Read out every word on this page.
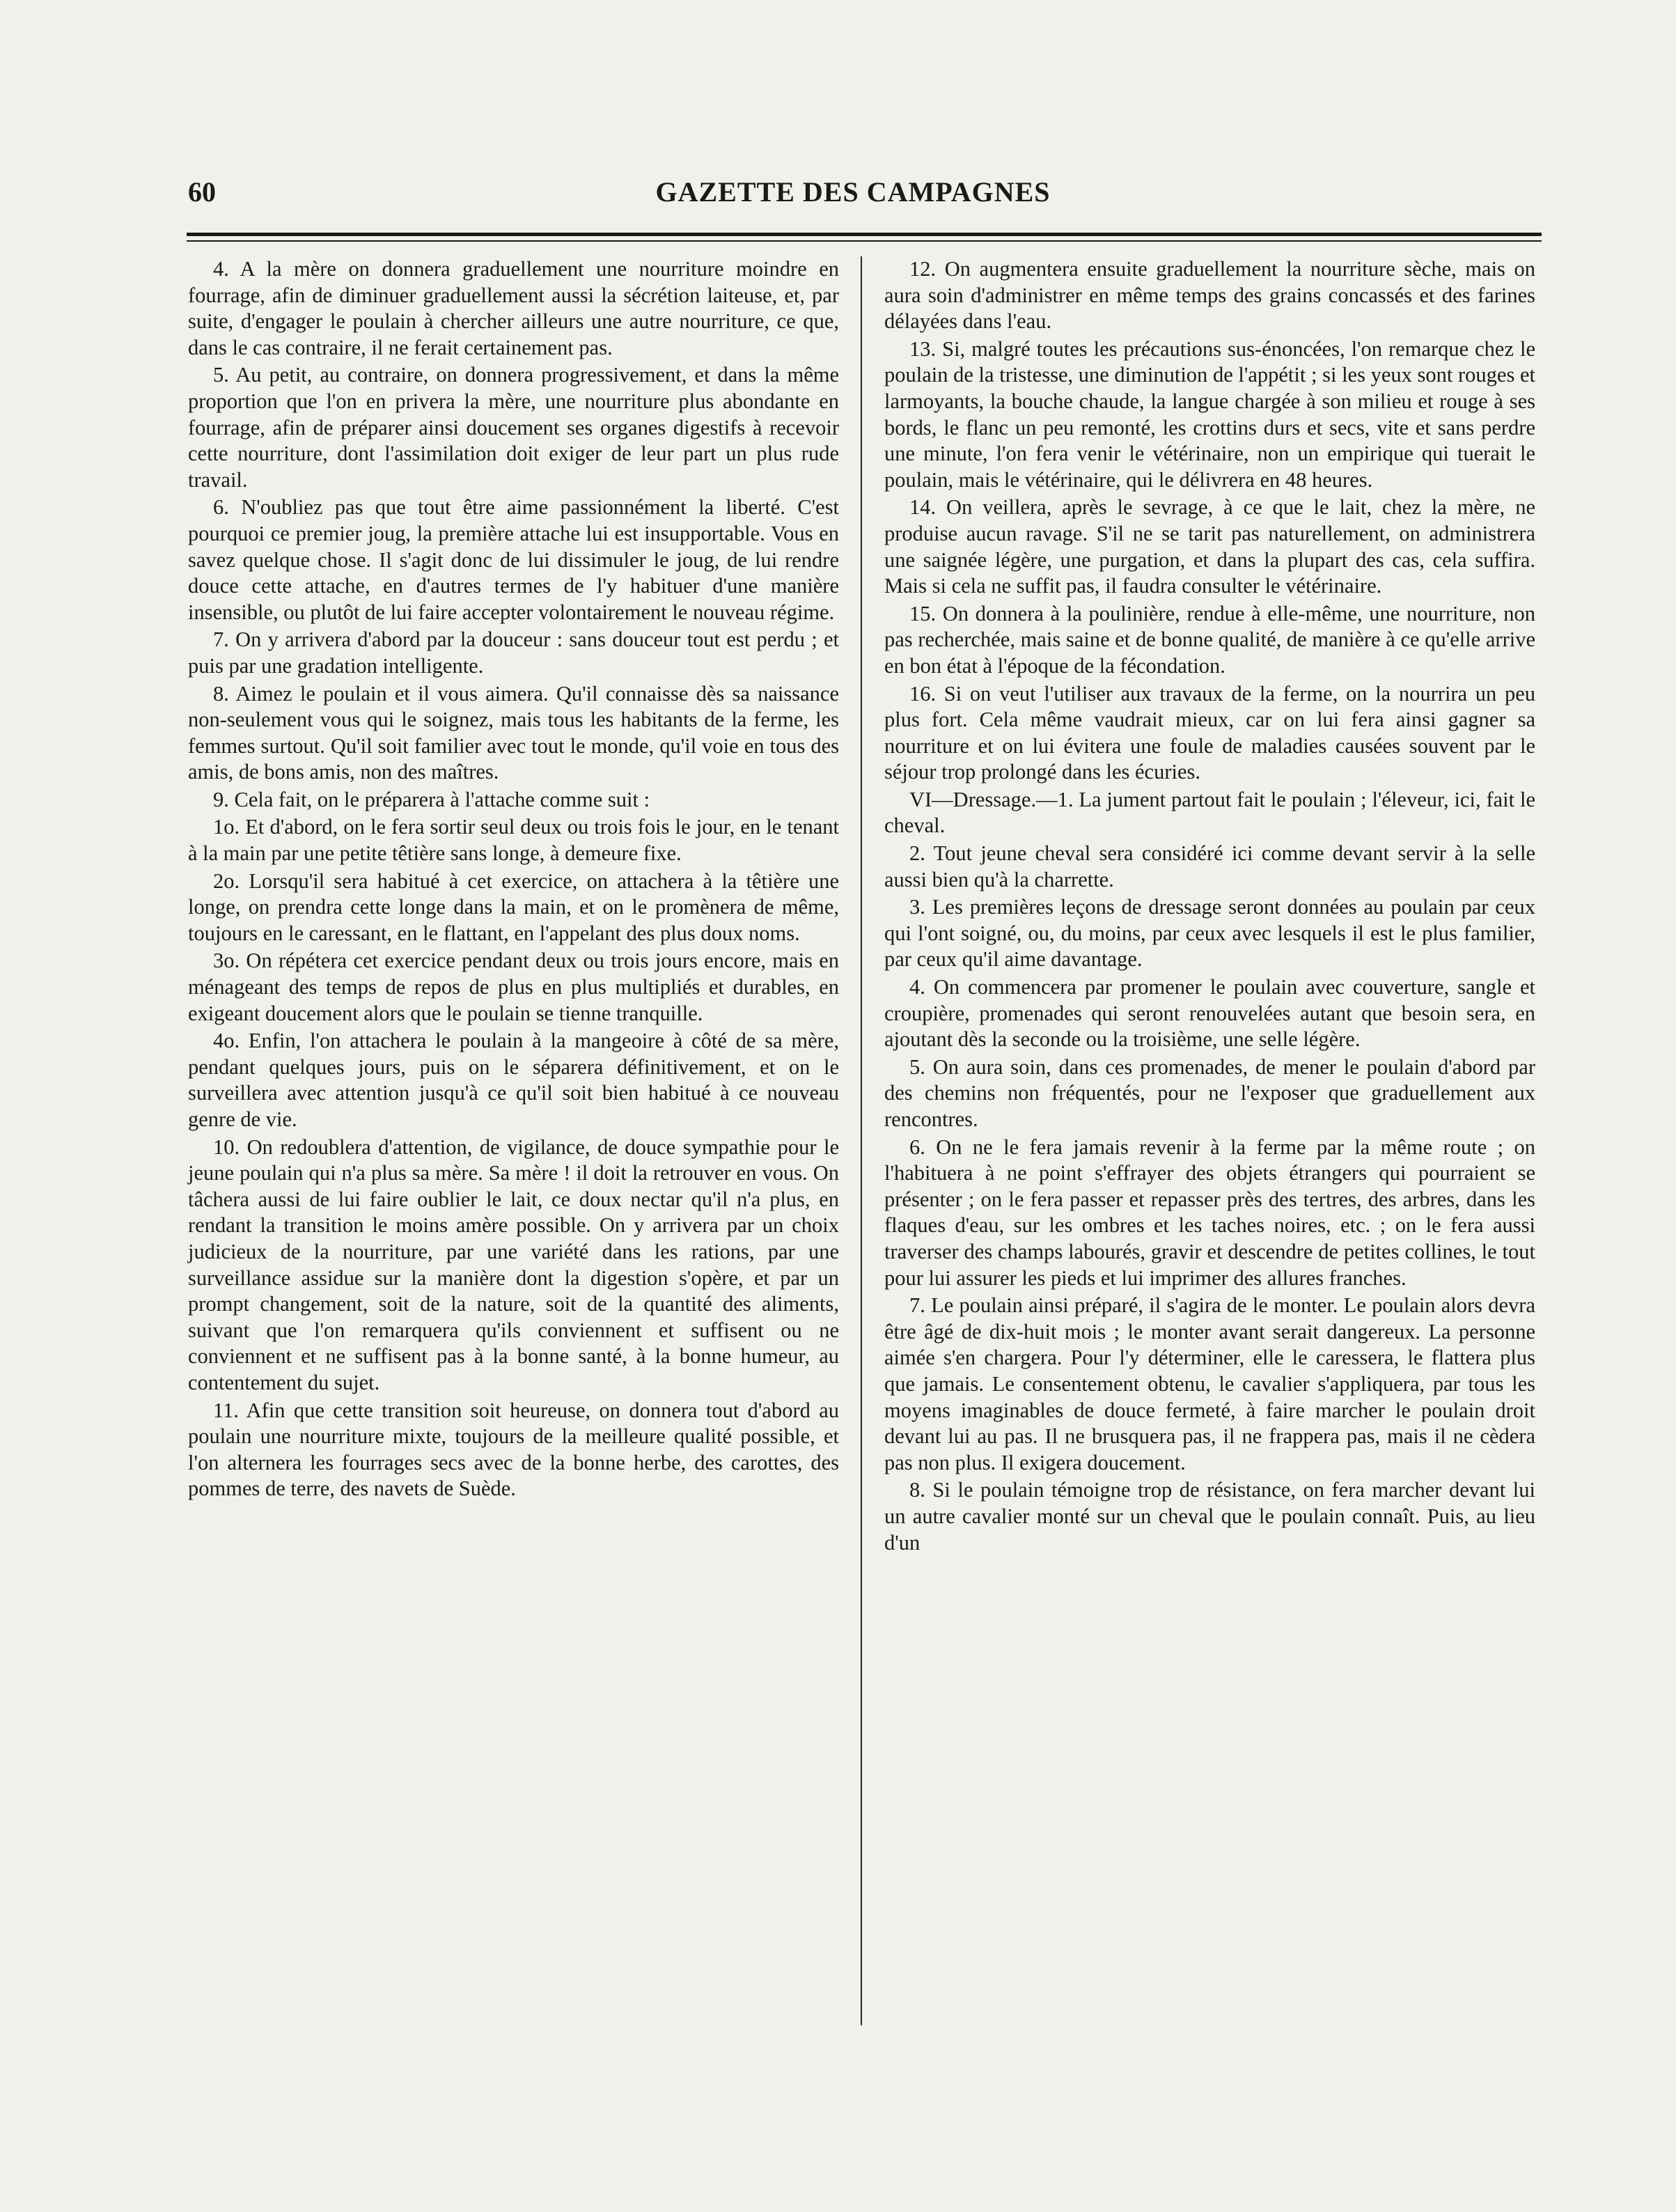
60	GAZETTE DES CAMPAGNES

4. A la mère on donnera graduellement une nourriture moindre en fourrage, afin de diminuer graduellement aussi la sécrétion laiteuse, et, par suite, d'engager le poulain à chercher ailleurs une autre nourriture, ce que, dans le cas contraire, il ne ferait certainement pas.

5. Au petit, au contraire, on donnera progressivement, et dans la même proportion que l'on en privera la mère, une nourriture plus abondante en fourrage, afin de préparer ainsi doucement ses organes digestifs à recevoir cette nourriture, dont l'assimilation doit exiger de leur part un plus rude travail.

6. N'oubliez pas que tout être aime passionnément la liberté. C'est pourquoi ce premier joug, la première attache lui est insupportable. Vous en savez quelque chose. Il s'agit donc de lui dissimuler le joug, de lui rendre douce cette attache, en d'autres termes de l'y habituer d'une manière insensible, ou plutôt de lui faire accepter volontairement le nouveau régime.

7. On y arrivera d'abord par la douceur : sans douceur tout est perdu ; et puis par une gradation intelligente.

8. Aimez le poulain et il vous aimera. Qu'il connaisse dès sa naissance non-seulement vous qui le soignez, mais tous les habitants de la ferme, les femmes surtout. Qu'il soit familier avec tout le monde, qu'il voie en tous des amis, de bons amis, non des maîtres.

9. Cela fait, on le préparera à l'attache comme suit :

1o. Et d'abord, on le fera sortir seul deux ou trois fois le jour, en le tenant à la main par une petite têtière sans longe, à demeure fixe.

2o. Lorsqu'il sera habitué à cet exercice, on attachera à la têtière une longe, on prendra cette longe dans la main, et on le promènera de même, toujours en le caressant, en le flattant, en l'appelant des plus doux noms.

3o. On répétera cet exercice pendant deux ou trois jours encore, mais en ménageant des temps de repos de plus en plus multipliés et durables, en exigeant doucement alors que le poulain se tienne tranquille.

4o. Enfin, l'on attachera le poulain à la mangeoire à côté de sa mère, pendant quelques jours, puis on le séparera définitivement, et on le surveillera avec attention jusqu'à ce qu'il soit bien habitué à ce nouveau genre de vie.

10. On redoublera d'attention, de vigilance, de douce sympathie pour le jeune poulain qui n'a plus sa mère. Sa mère ! il doit la retrouver en vous. On tâchera aussi de lui faire oublier le lait, ce doux nectar qu'il n'a plus, en rendant la transition le moins amère possible. On y arrivera par un choix judicieux de la nourriture, par une variété dans les rations, par une surveillance assidue sur la manière dont la digestion s'opère, et par un prompt changement, soit de la nature, soit de la quantité des aliments, suivant que l'on remarquera qu'ils conviennent et suffisent ou ne conviennent et ne suffisent pas à la bonne santé, à la bonne humeur, au contentement du sujet.

11. Afin que cette transition soit heureuse, on donnera tout d'abord au poulain une nourriture mixte, toujours de la meilleure qualité possible, et l'on alternera les fourrages secs avec de la bonne herbe, des carottes, des pommes de terre, des navets de Suède.

12. On augmentera ensuite graduellement la nourriture sèche, mais on aura soin d'administrer en même temps des grains concassés et des farines délayées dans l'eau.

13. Si, malgré toutes les précautions sus-énoncées, l'on remarque chez le poulain de la tristesse, une diminution de l'appétit ; si les yeux sont rouges et larmoyants, la bouche chaude, la langue chargée à son milieu et rouge à ses bords, le flanc un peu remonté, les crottins durs et secs, vite et sans perdre une minute, l'on fera venir le vétérinaire, non un empirique qui tuerait le poulain, mais le vétérinaire, qui le délivrera en 48 heures.

14. On veillera, après le sevrage, à ce que le lait, chez la mère, ne produise aucun ravage. S'il ne se tarit pas naturellement, on administrera une saignée légère, une purgation, et dans la plupart des cas, cela suffira. Mais si cela ne suffit pas, il faudra consulter le vétérinaire.

15. On donnera à la poulinière, rendue à elle-même, une nourriture, non pas recherchée, mais saine et de bonne qualité, de manière à ce qu'elle arrive en bon état à l'époque de la fécondation.

16. Si on veut l'utiliser aux travaux de la ferme, on la nourrira un peu plus fort. Cela même vaudrait mieux, car on lui fera ainsi gagner sa nourriture et on lui évitera une foule de maladies causées souvent par le séjour trop prolongé dans les écuries.

VI—Dressage.—1. La jument partout fait le poulain ; l'éleveur, ici, fait le cheval.

2. Tout jeune cheval sera considéré ici comme devant servir à la selle aussi bien qu'à la charrette.

3. Les premières leçons de dressage seront données au poulain par ceux qui l'ont soigné, ou, du moins, par ceux avec lesquels il est le plus familier, par ceux qu'il aime davantage.

4. On commencera par promener le poulain avec couverture, sangle et croupière, promenades qui seront renouvelées autant que besoin sera, en ajoutant dès la seconde ou la troisième, une selle légère.

5. On aura soin, dans ces promenades, de mener le poulain d'abord par des chemins non fréquentés, pour ne l'exposer que graduellement aux rencontres.

6. On ne le fera jamais revenir à la ferme par la même route ; on l'habituera à ne point s'effrayer des objets étrangers qui pourraient se présenter ; on le fera passer et repasser près des tertres, des arbres, dans les flaques d'eau, sur les ombres et les taches noires, etc. ; on le fera aussi traverser des champs labourés, gravir et descendre de petites collines, le tout pour lui assurer les pieds et lui imprimer des allures franches.

7. Le poulain ainsi préparé, il s'agira de le monter. Le poulain alors devra être âgé de dix-huit mois ; le monter avant serait dangereux. La personne aimée s'en chargera. Pour l'y déterminer, elle le caressera, le flattera plus que jamais. Le consentement obtenu, le cavalier s'appliquera, par tous les moyens imaginables de douce fermeté, à faire marcher le poulain droit devant lui au pas. Il ne brusquera pas, il ne frappera pas, mais il ne cèdera pas non plus. Il exigera doucement.

8. Si le poulain témoigne trop de résistance, on fera marcher devant lui un autre cavalier monté sur un cheval que le poulain connaît. Puis, au lieu d'un
